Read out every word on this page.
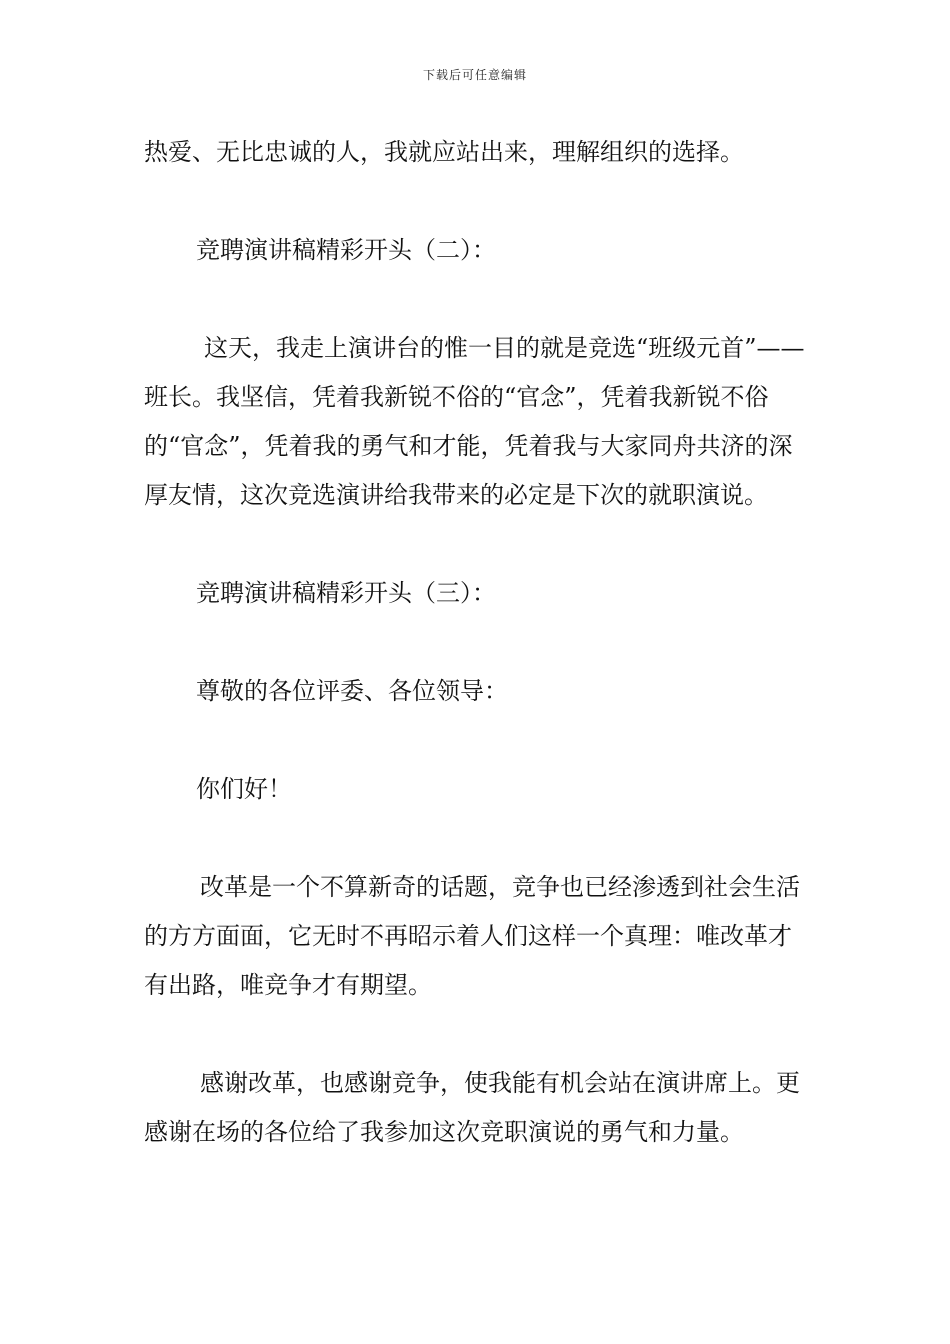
下载后可任意编辑

热爱、无比忠诚的人，我就应站出来，理解组织的选择。

竞聘演讲稿精彩开头（二）：

这天，我走上演讲台的惟一目的就是竞选“班级元首”——班长。我坚信，凭着我新锐不俗的“官念”，凭着我新锐不俗的“官念”，凭着我的勇气和才能，凭着我与大家同舟共济的深厚友情，这次竞选演讲给我带来的必定是下次的就职演说。

竞聘演讲稿精彩开头（三）：

尊敬的各位评委、各位领导：

你们好！

改革是一个不算新奇的话题，竞争也已经渗透到社会生活的方方面面，它无时不再昭示着人们这样一个真理：唯改革才有出路，唯竞争才有期望。

感谢改革，也感谢竞争，使我能有机会站在演讲席上。更感谢在场的各位给了我参加这次竞职演说的勇气和力量。
